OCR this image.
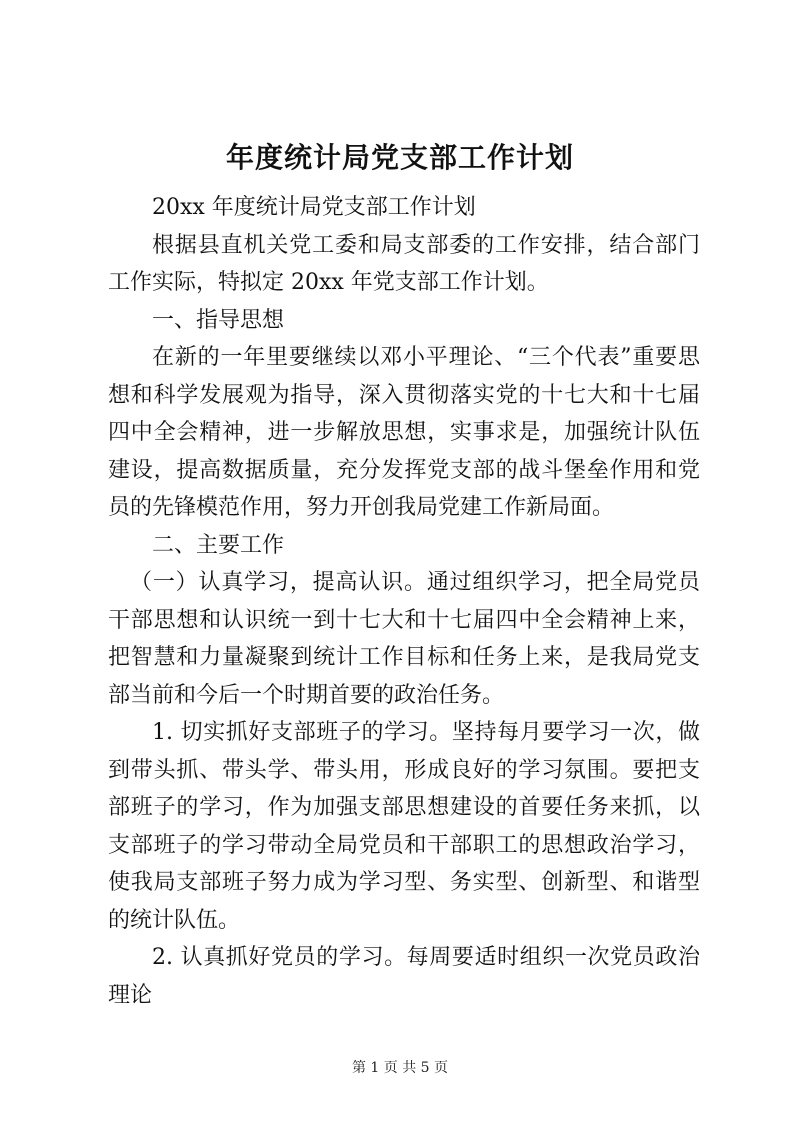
年度统计局党支部工作计划

20xx 年度统计局党支部工作计划

根据县直机关党工委和局支部委的工作安排，结合部门工作实际，特拟定 20xx 年党支部工作计划。

一、指导思想

在新的一年里要继续以邓小平理论、“三个代表”重要思想和科学发展观为指导，深入贯彻落实党的十七大和十七届四中全会精神，进一步解放思想，实事求是，加强统计队伍建设，提高数据质量，充分发挥党支部的战斗堡垒作用和党员的先锋模范作用，努力开创我局党建工作新局面。

二、主要工作

（一）认真学习，提高认识。通过组织学习，把全局党员干部思想和认识统一到十七大和十七届四中全会精神上来，把智慧和力量凝聚到统计工作目标和任务上来，是我局党支部当前和今后一个时期首要的政治任务。

1. 切实抓好支部班子的学习。坚持每月要学习一次，做到带头抓、带头学、带头用，形成良好的学习氛围。要把支部班子的学习，作为加强支部思想建设的首要任务来抓，以支部班子的学习带动全局党员和干部职工的思想政治学习，使我局支部班子努力成为学习型、务实型、创新型、和谐型的统计队伍。

2. 认真抓好党员的学习。每周要适时组织一次党员政治理论

第 1 页 共 5 页
